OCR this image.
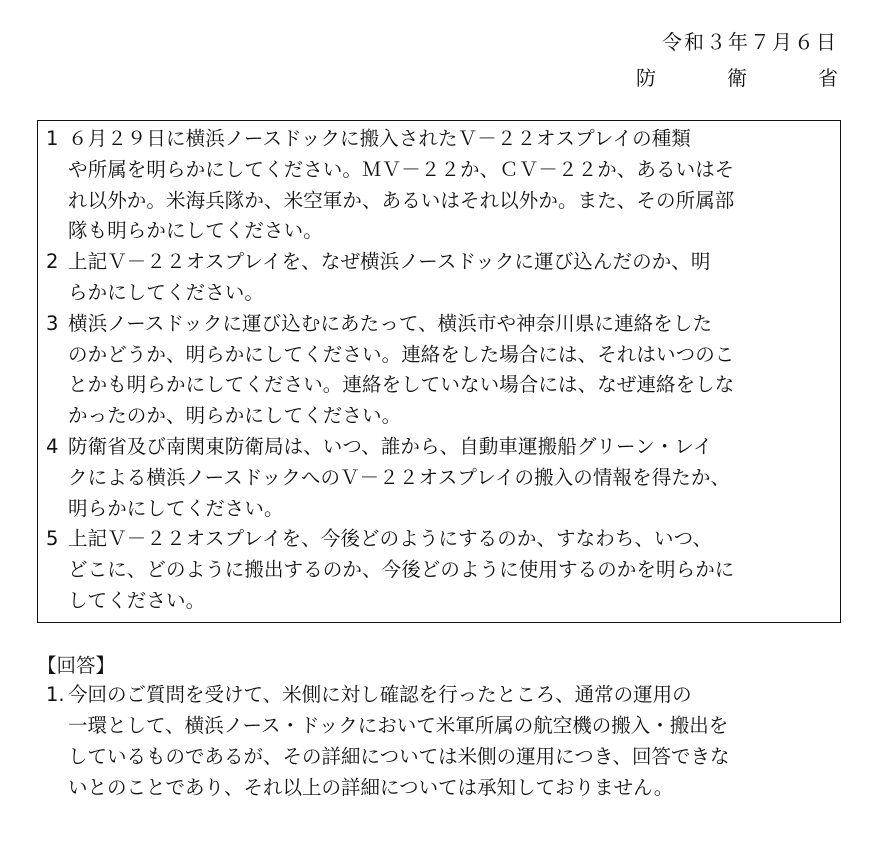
令和３年７月６日
防	衛	省
1 ６月２９日に横浜ノースドックに搬入されたＶ－２２オスプレイの種類
や所属を明らかにしてください。ＭＶ－２２か、ＣＶ－２２か、あるいはそ
れ以外か。米海兵隊か、米空軍か、あるいはそれ以外か。また、その所属部
隊も明らかにしてください。
2 上記Ｖ－２２オスプレイを、なぜ横浜ノースドックに運び込んだのか、明
らかにしてください。
3 横浜ノースドックに運び込むにあたって、横浜市や神奈川県に連絡をした
のかどうか、明らかにしてください。連絡をした場合には、それはいつのこ
とかも明らかにしてください。連絡をしていない場合には、なぜ連絡をしな
かったのか、明らかにしてください。
4 防衛省及び南関東防衛局は、いつ、誰から、自動車運搬船グリーン・レイ
クによる横浜ノースドックへのＶ－２２オスプレイの搬入の情報を得たか、
明らかにしてください。
5 上記Ｖ－２２オスプレイを、今後どのようにするのか、すなわち、いつ、
どこに、どのように搬出するのか、今後どのように使用するのかを明らかに
してください。
【回答】
1. 今回のご質問を受けて、米側に対し確認を行ったところ、通常の運用の
一環として、横浜ノース・ドックにおいて米軍所属の航空機の搬入・搬出を
しているものであるが、その詳細については米側の運用につき、回答できな
いとのことであり、それ以上の詳細については承知しておりません。
